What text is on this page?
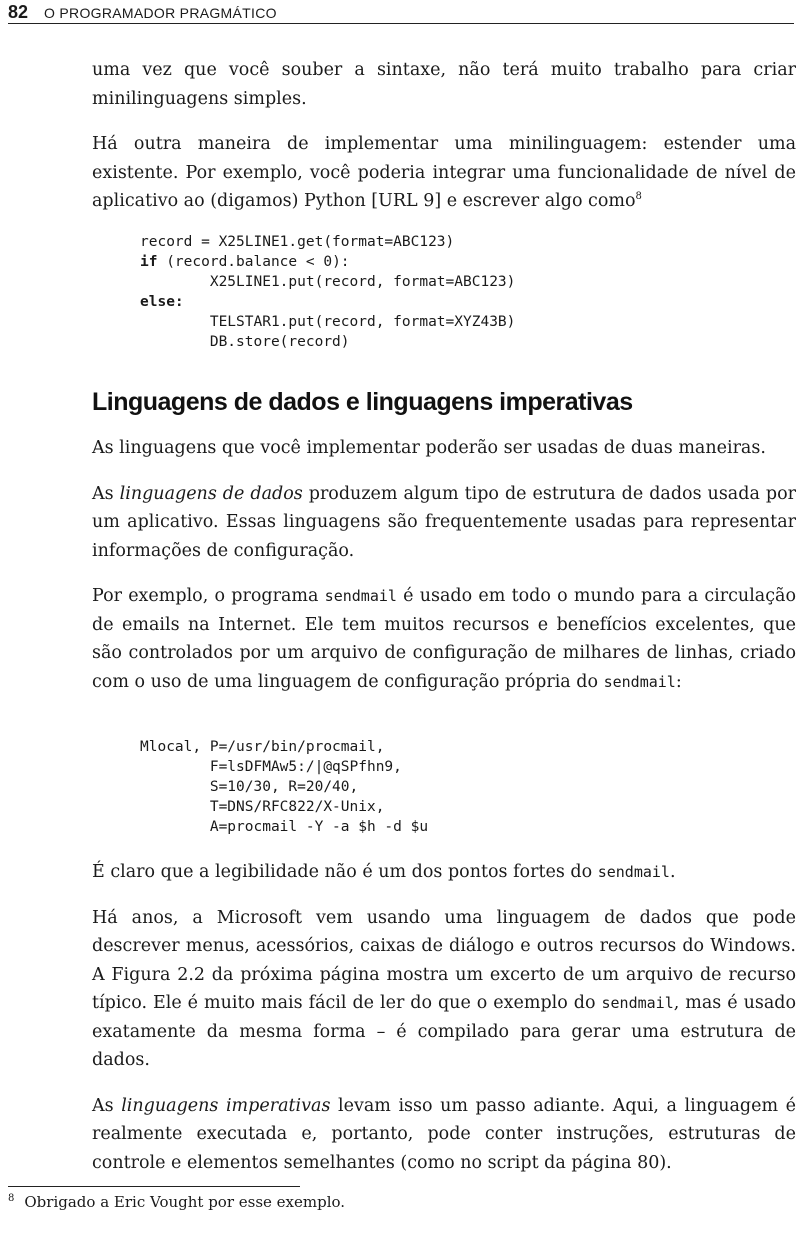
82 O PROGRAMADOR PRAGMÁTICO

uma vez que você souber a sintaxe, não terá muito trabalho para criar minilinguagens simples.

Há outra maneira de implementar uma minilinguagem: estender uma existente. Por exemplo, você poderia integrar uma funcionalidade de nível de aplicativo ao (digamos) Python [URL 9] e escrever algo como$^8$

record = X25LINE1.get(format=ABC123)
if (record.balance < 0):
X25LINE1.put(record, format=ABC123)
else:
TELSTAR1.put(record, format=XYZ43B)
DB.store(record)
Linguagens de dados e linguagens imperativas

As linguagens que você implementar poderão ser usadas de duas maneiras.

As linguagens de dados produzem algum tipo de estrutura de dados usada por um aplicativo. Essas linguagens são frequentemente usadas para representar informações de configuração.

Por exemplo, o programa sendmail é usado em todo o mundo para a circulação de emails na Internet. Ele tem muitos recursos e benefícios excelentes, que são controlados por um arquivo de configuração de milhares de linhas, criado com o uso de uma linguagem de configuração própria do sendmail:

Mlocal, P=/usr/bin/procmail,
F=lsDFMAw5:/|@qSPfhn9,
S=10/30, R=20/40,
T=DNS/RFC822/X-Unix,
A=procmail -Y -a $h -d $u

É claro que a legibilidade não é um dos pontos fortes do sendmail.

Há anos, a Microsoft vem usando uma linguagem de dados que pode descrever menus, acessórios, caixas de diálogo e outros recursos do Windows. A Figura 2.2 da próxima página mostra um excerto de um arquivo de recurso típico. Ele é muito mais fácil de ler do que o exemplo do sendmail, mas é usado exatamente da mesma forma – é compilado para gerar uma estrutura de dados.

As linguagens imperativas levam isso um passo adiante. Aqui, a linguagem é realmente executada e, portanto, pode conter instruções, estruturas de controle e elementos semelhantes (como no script da página 80).

$^8$ Obrigado a Eric Vought por esse exemplo.
